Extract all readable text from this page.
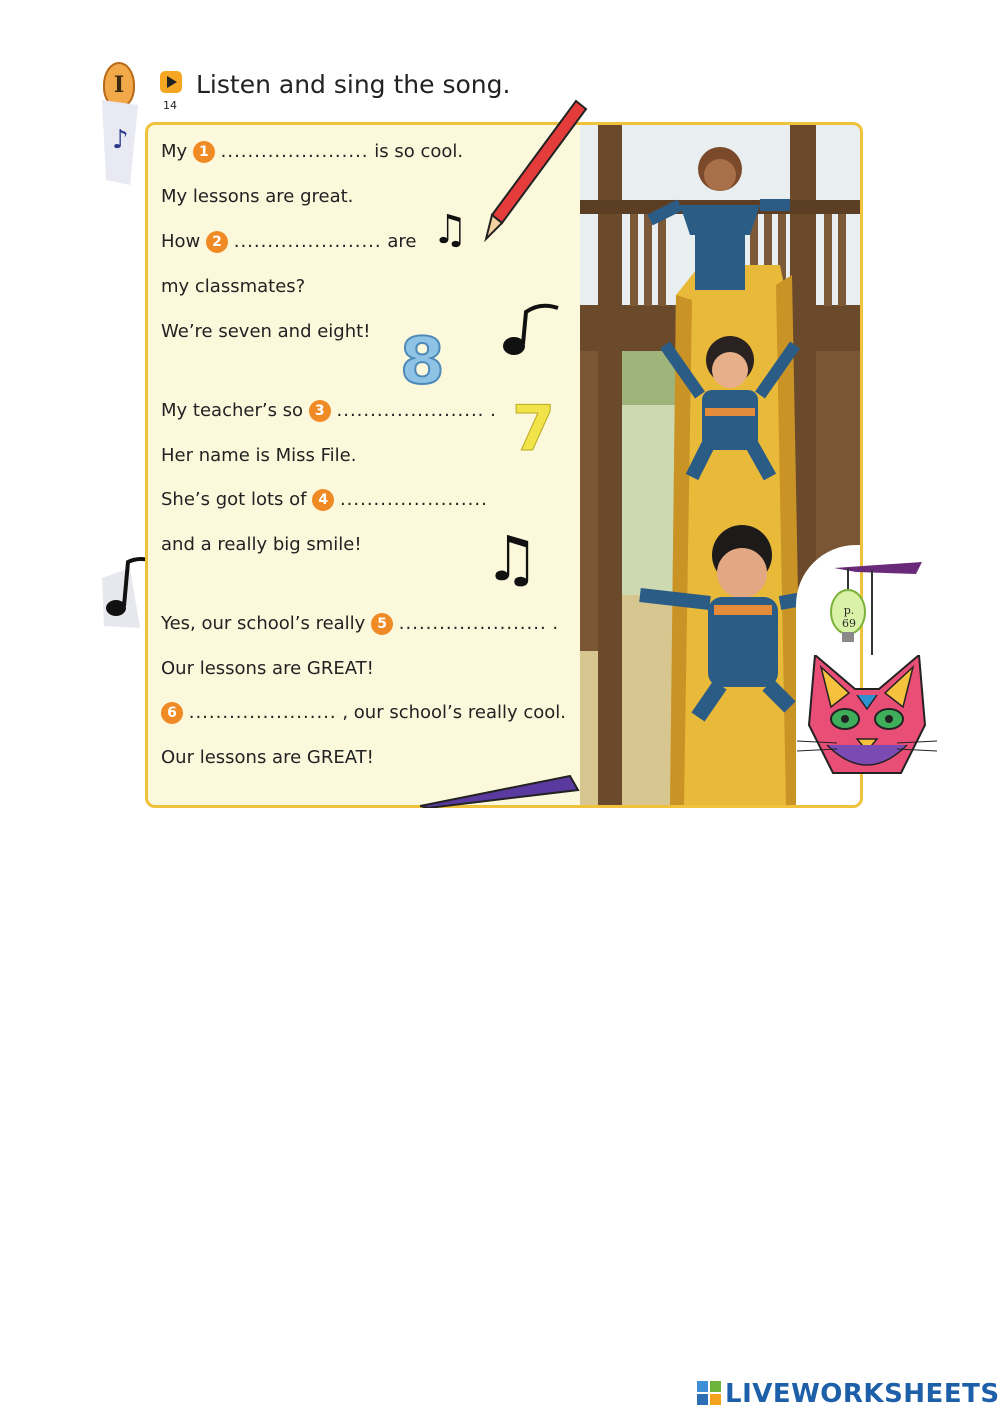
I
♪
14
Listen and sing the song.
My 1 ...................... is so cool.
My lessons are great.
How 2 ...................... are
my classmates?
We’re seven and eight!
My teacher’s so 3 ...................... .
Her name is Miss File.
She’s got lots of 4 ......................
and a really big smile!
Yes, our school’s really 5 ...................... .
Our lessons are GREAT!
6 ...................... , our school’s really cool.
Our lessons are GREAT!
♫
♫
8
7
p.
69
LIVEWORKSHEETS
